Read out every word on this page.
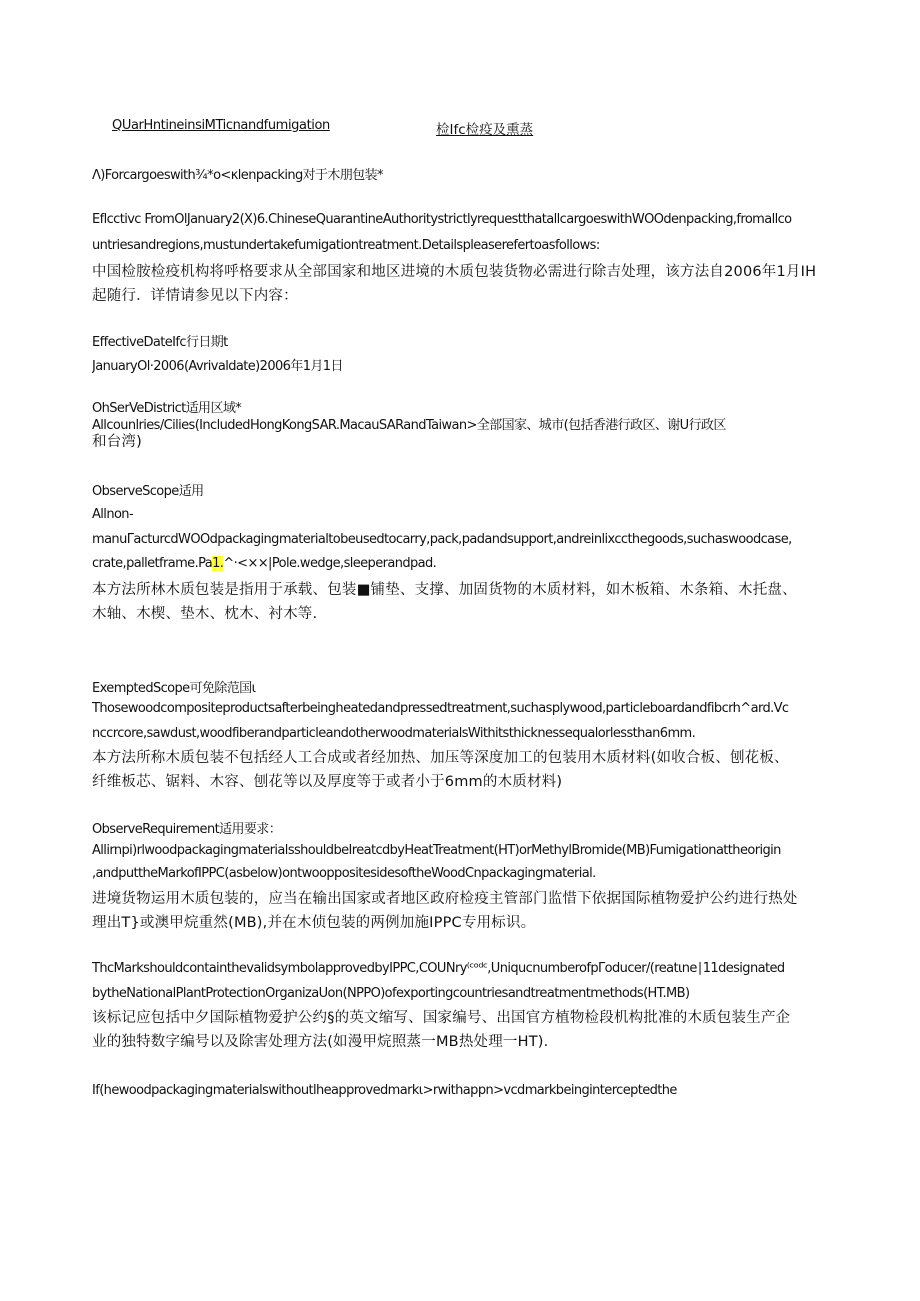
QUarHntineinsiMTicnandfumigation	检Ifc检疫及熏蒸
Λ)Forcargoeswith¾*o<κlenpacking对于木朋包装*
Eflcctivc FromOlJanuary2(X)6.ChineseQuarantineAuthoritystrictlyrequestthatallcargoeswithWOOdenpacking,fromallco
untriesandregions,mustundertakefumigationtreatment.Detailspleaserefertoasfollows:
中国检胺检疫机构将呼格要求从全部国家和地区进境的木质包装货物必需进行除吉处理，该方法自2006年1月IH
起随行．详情请参见以下内容：
EffectiveDateIfc行日期t
JanuaryOl·2006(Avrivaldate)2006年1月1日
OhSerVeDistrict适用区域*
Allcounlries/Cilies(IncludedHongKongSAR.MacauSARandTaiwan>全部国家、城市(包括香港行政区、谢U行政区
和台湾)
ObserveScope适用
Allnon-
manuΓacturcdWOOdpackagingmaterialtobeusedtocarry,pack,padandsupport,andreinlixccthegoods,suchaswoodcase,
crate,palletframe.Pa1.^·<××|Pole.wedge,sleeperandpad.
本方法所林木质包装是指用于承载、包装■铺垫、支撑、加固货物的木质材料，如木板箱、木条箱、木托盘、
木轴、木楔、垫木、枕木、衬木等.
ExemptedScope可免除范国ι
Thosewoodcompositeproductsafterbeingheatedandpressedtreatment,suchasplywood,particleboardandfibcrh^ard.Vc
nccrcore,sawdust,woodfiberandparticleandotherwoodmaterialsWithitsthicknessequalorlessthan6mm.
本方法所称木质包装不包括经人工合成或者经加热、加压等深度加工的包装用木质材料(如收合板、刨花板、
纤维板芯、锯料、木容、刨花等以及厚度等于或者小于6mm的木质材料)
ObserveRequirement适用要求：
Allirnpi)rlwoodpackagingmaterialsshouldbeIreatcdbyHeatTreatment(HT)orMethylBromide(MB)Fumigationattheorigin
,andputtheMarkofIPPC(asbelow)ontwooppositesidesoftheWoodCnpackagingmaterial.
进境货物运用木质包装的，应当在输出国家或者地区政府检疫主管部门监惜下依据国际植物爱护公约进行热处
理出T}或澳甲烷重然(MB),并在木侦包装的两例加施IPPC专用标识。
ThcMarkshouldcontainthevalidsymbolapprovedbyIPPC,COUNry⁽ᶜᵒᵈᶜ,UniqucnumberofpΓoducer/(reatιne∣11designated
bytheNationalPlantProtectionOrganizaUon(NPPO)ofexportingcountriesandtreatmentmethods(HT.MB)
该标记应包括中夕国际植物爱护公约§的英文缩写、国家编号、出国官方植物检段机构批准的木质包装生产企
业的独特数字编号以及除害处理方法(如漫甲烷照蒸一MB热处理一HT).
If(hewoodpackagingmaterialswithoutlheapprovedmarkι>rwithappn>vcdmarkbeinginterceptedthe
